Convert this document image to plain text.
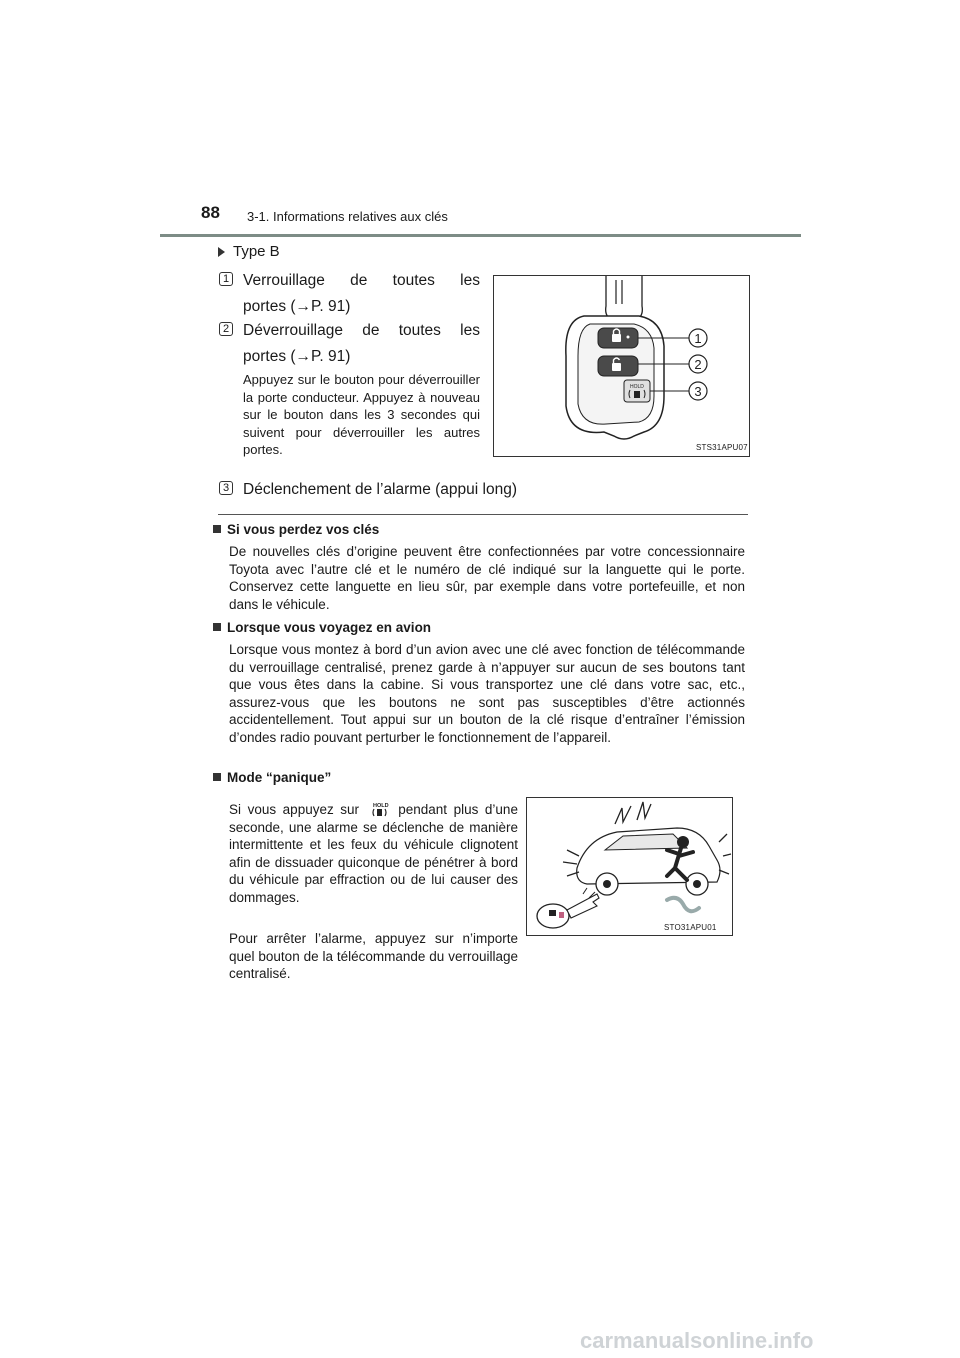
88 3-1. Informations relatives aux clés
Type B
1 Verrouillage de toutes les
portes (→P. 91)
2 Déverrouillage de toutes les
portes (→P. 91)
Appuyez sur le bouton pour déverrouiller la porte conducteur. Appuyez à nouveau sur le bouton dans les 3 secondes qui suivent pour déverrouiller les autres portes.
3 Déclenchement de l’alarme (appui long)
HOLD
1
2
3
STS31APU07
Si vous perdez vos clés
De nouvelles clés d’origine peuvent être confectionnées par votre concessionnaire Toyota avec l’autre clé et le numéro de clé indiqué sur la languette qui le porte. Conservez cette languette en lieu sûr, par exemple dans votre portefeuille, et non dans le véhicule.
Lorsque vous voyagez en avion
Lorsque vous montez à bord d’un avion avec une clé avec fonction de télécommande du verrouillage centralisé, prenez garde à n’appuyer sur aucun de ses boutons tant que vous êtes dans la cabine. Si vous transportez une clé dans votre sac, etc., assurez-vous que les boutons ne sont pas susceptibles d’être actionnés accidentellement. Tout appui sur un bouton de la clé risque d’entraîner l’émission d’ondes radio pouvant perturber le fonctionnement de l’appareil.
Mode “panique”
Si vous appuyez sur HOLD pendant plus d’une seconde, une alarme se déclenche de manière intermittente et les feux du véhicule clignotent afin de dissuader quiconque de pénétrer à bord du véhicule par effraction ou de lui causer des dommages.
Pour arrêter l’alarme, appuyez sur n’importe quel bouton de la télécommande du verrouillage centralisé.
STO31APU01
carmanualsonline.info
